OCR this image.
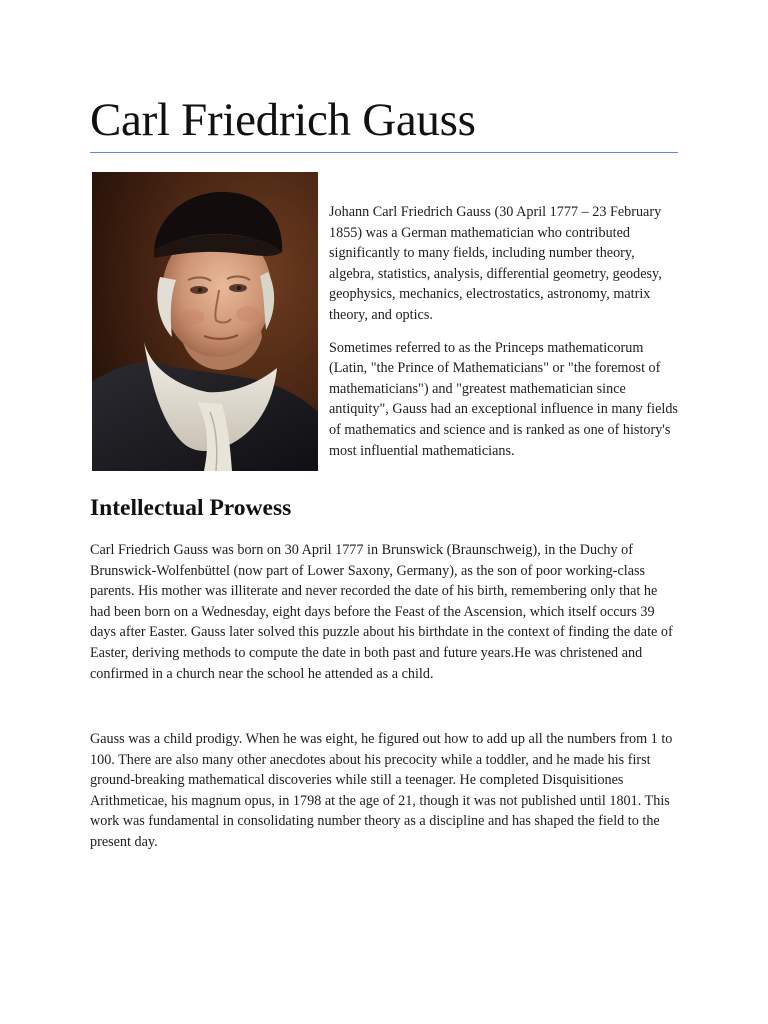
Carl Friedrich Gauss

Johann Carl Friedrich Gauss (30 April 1777 – 23 February 1855) was a German mathematician who contributed significantly to many fields, including number theory, algebra, statistics, analysis, differential geometry, geodesy, geophysics, mechanics, electrostatics, astronomy, matrix theory, and optics.

Sometimes referred to as the Princeps mathematicorum (Latin, "the Prince of Mathematicians" or "the foremost of mathematicians") and "greatest mathematician since antiquity", Gauss had an exceptional influence in many fields of mathematics and science and is ranked as one of history's most influential mathematicians.

Intellectual Prowess

Carl Friedrich Gauss was born on 30 April 1777 in Brunswick (Braunschweig), in the Duchy of Brunswick-Wolfenbüttel (now part of Lower Saxony, Germany), as the son of poor working-class parents. His mother was illiterate and never recorded the date of his birth, remembering only that he had been born on a Wednesday, eight days before the Feast of the Ascension, which itself occurs 39 days after Easter. Gauss later solved this puzzle about his birthdate in the context of finding the date of Easter, deriving methods to compute the date in both past and future years.He was christened and confirmed in a church near the school he attended as a child.

Gauss was a child prodigy. When he was eight, he figured out how to add up all the numbers from 1 to 100. There are also many other anecdotes about his precocity while a toddler, and he made his first ground-breaking mathematical discoveries while still a teenager. He completed Disquisitiones Arithmeticae, his magnum opus, in 1798 at the age of 21, though it was not published until 1801. This work was fundamental in consolidating number theory as a discipline and has shaped the field to the present day.
